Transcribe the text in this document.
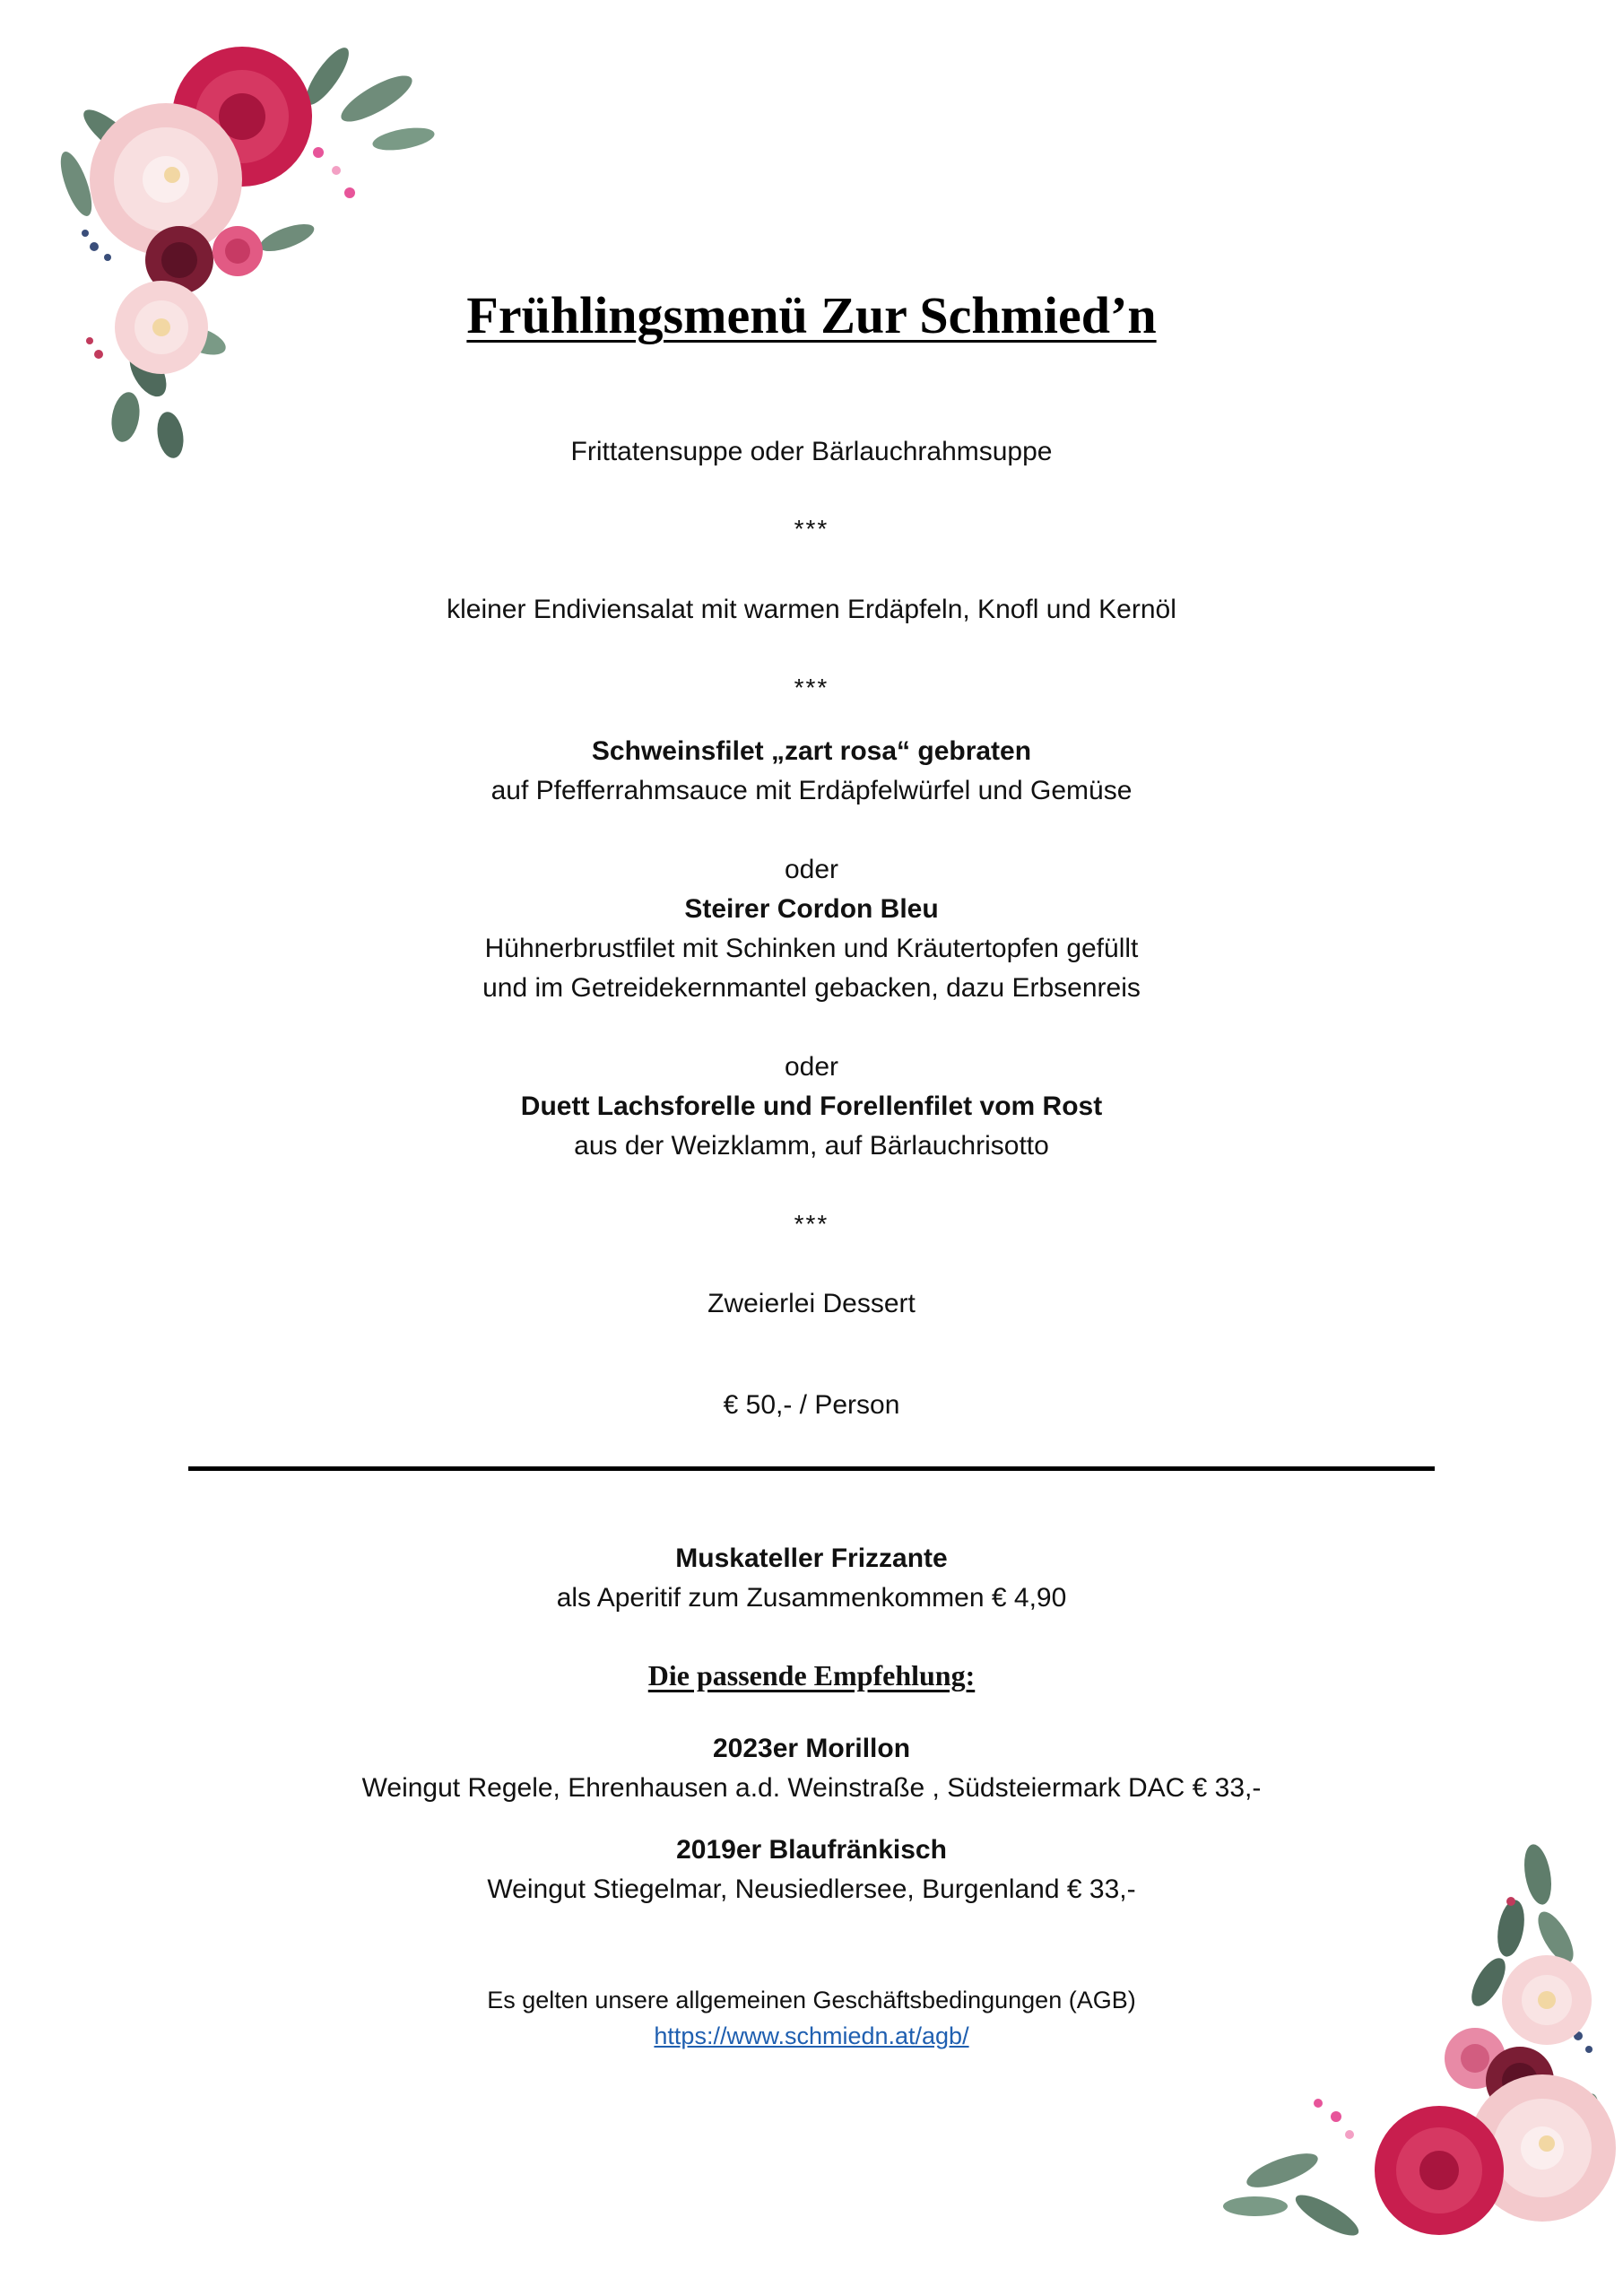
Frühlingsmenü Zur Schmied’n
Frittatensuppe oder Bärlauchrahmsuppe
***
kleiner Endiviensalat mit warmen Erdäpfeln, Knofl und Kernöl
***
Schweinsfilet „zart rosa“ gebraten
auf Pfefferrahmsauce mit Erdäpfelwürfel und Gemüse
oder
Steirer Cordon Bleu
Hühnerbrustfilet mit Schinken und Kräutertopfen gefüllt
und im Getreidekernmantel gebacken, dazu Erbsenreis
oder
Duett Lachsforelle und Forellenfilet vom Rost
aus der Weizklamm, auf Bärlauchrisotto
***
Zweierlei Dessert
€ 50,- / Person
Muskateller Frizzante
als Aperitif zum Zusammenkommen € 4,90
Die passende Empfehlung:
2023er Morillon
Weingut Regele, Ehrenhausen a.d. Weinstraße , Südsteiermark DAC € 33,-
2019er Blaufränkisch
Weingut Stiegelmar, Neusiedlersee, Burgenland € 33,-
Es gelten unsere allgemeinen Geschäftsbedingungen (AGB)
https://www.schmiedn.at/agb/
